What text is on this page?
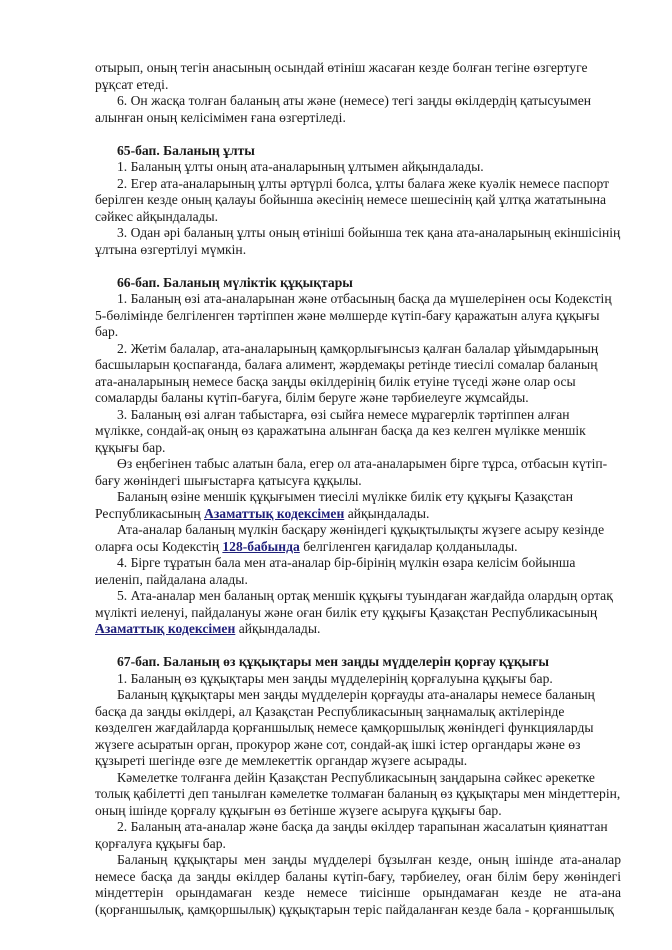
отырып, оның тегін анасының осындай өтініш жасаған кезде болған тегіне өзгертуге рұқсат етеді.

6. Он жасқа толған баланың аты және (немесе) тегі заңды өкілдердің қатысуымен алынған оның келісімімен ғана өзгертіледі.

65-бап. Баланың ұлты

1. Баланың ұлты оның ата-аналарының ұлтымен айқындалады.

2. Егер ата-аналарының ұлты әртүрлі болса, ұлты балаға жеке куәлік немесе паспорт берілген кезде оның қалауы бойынша әкесінің немесе шешесінің қай ұлтқа жататынына сәйкес айқындалады.

3. Одан әрі баланың ұлты оның өтініші бойынша тек қана ата-аналарының екіншісінің ұлтына өзгертілуі мүмкін.

66-бап. Баланың мүліктік құқықтары

1. Баланың өзі ата-аналарынан және отбасының басқа да мүшелерінен осы Кодекстің 5-бөлімінде белгіленген тәртіппен және мөлшерде күтіп-бағу қаражатын алуға құқығы бар.

2. Жетім балалар, ата-аналарының қамқорлығынсыз қалған балалар ұйымдарының басшыларын қоспағанда, балаға алимент, жәрдемақы ретінде тиесілі сомалар баланың ата-аналарының немесе басқа заңды өкілдерінің билік етуіне түседі және олар осы сомаларды баланы күтіп-бағуға, білім беруге және тәрбиелеуге жұмсайды.

3. Баланың өзі алған табыстарға, өзі сыйға немесе мұрагерлік тәртіппен алған мүлікке, сондай-ақ оның өз қаражатына алынған басқа да кез келген мүлікке меншік құқығы бар.

Өз еңбегінен табыс алатын бала, егер ол ата-аналарымен бірге тұрса, отбасын күтіп-бағу жөніндегі шығыстарға қатысуға құқылы.

Баланың өзіне меншік құқығымен тиесілі мүлікке билік ету құқығы Қазақстан Республикасының Азаматтық кодексімен айқындалады.

Ата-аналар баланың мүлкін басқару жөніндегі құқықтылықты жүзеге асыру кезінде оларға осы Кодекстің 128-бабында белгіленген қағидалар қолданылады.

4. Бірге тұратын бала мен ата-аналар бір-бірінің мүлкін өзара келісім бойынша иеленіп, пайдалана алады.

5. Ата-аналар мен баланың ортақ меншік құқығы туындаған жағдайда олардың ортақ мүлікті иеленуі, пайдалануы және оған билік ету құқығы Қазақстан Республикасының Азаматтық кодексімен айқындалады.

67-бап. Баланың өз құқықтары мен заңды мүдделерін қорғау құқығы

1. Баланың өз құқықтары мен заңды мүдделерінің қорғалуына құқығы бар.

Баланың құқықтары мен заңды мүдделерін қорғауды ата-аналары немесе баланың басқа да заңды өкілдері, ал Қазақстан Республикасының заңнамалық актілерінде көзделген жағдайларда қорғаншылық немесе қамқоршылық жөніндегі функцияларды жүзеге асыратын орган, прокурор және сот, сондай-ақ ішкі істер органдары және өз құзыреті шегінде өзге де мемлекеттік органдар жүзеге асырады.

Кәмелетке толғанға дейін Қазақстан Республикасының заңдарына сәйкес әрекетке толық қабілетті деп танылған кәмелетке толмаған баланың өз құқықтары мен міндеттерін, оның ішінде қорғалу құқығын өз бетінше жүзеге асыруға құқығы бар.

2. Баланың ата-аналар және басқа да заңды өкілдер тарапынан жасалатын қиянаттан қорғалуға құқығы бар.

Баланың құқықтары мен заңды мүдделері бұзылған кезде, оның ішінде ата-аналар немесе басқа да заңды өкілдер баланы күтіп-бағу, тәрбиелеу, оған білім беру жөніндегі міндеттерін орындамаған кезде немесе тиісінше орындамаған кезде не ата-ана (қорғаншылық, қамқоршылық) құқықтарын теріс пайдаланған кезде бала - қорғаншылық
